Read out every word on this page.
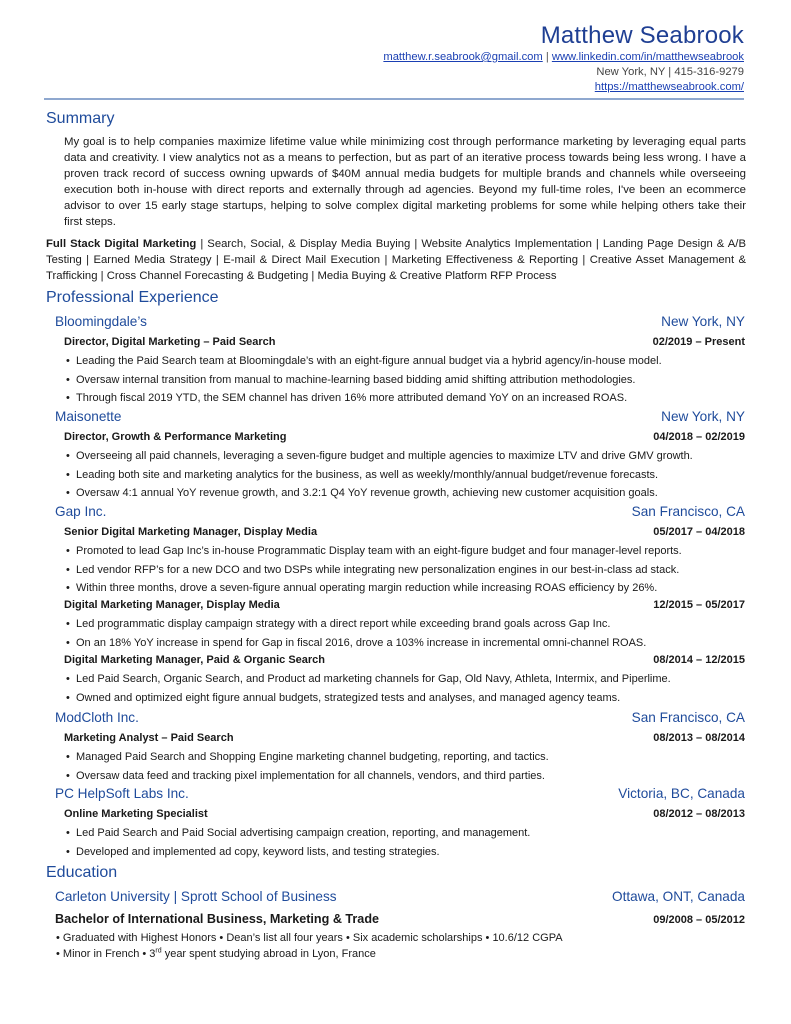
Matthew Seabrook
matthew.r.seabrook@gmail.com | www.linkedin.com/in/matthewseabrook
New York, NY | 415-316-9279
https://matthewseabrook.com/
Summary
My goal is to help companies maximize lifetime value while minimizing cost through performance marketing by leveraging equal parts data and creativity. I view analytics not as a means to perfection, but as part of an iterative process towards being less wrong. I have a proven track record of success owning upwards of $40M annual media budgets for multiple brands and channels while overseeing execution both in-house with direct reports and externally through ad agencies. Beyond my full-time roles, I've been an ecommerce advisor to over 15 early stage startups, helping to solve complex digital marketing problems for some while helping others take their first steps.
Full Stack Digital Marketing | Search, Social, & Display Media Buying | Website Analytics Implementation | Landing Page Design & A/B Testing | Earned Media Strategy | E-mail & Direct Mail Execution | Marketing Effectiveness & Reporting | Creative Asset Management & Trafficking | Cross Channel Forecasting & Budgeting | Media Buying & Creative Platform RFP Process
Professional Experience
Bloomingdale’s	New York, NY
Director, Digital Marketing – Paid Search	02/2019 – Present
• Leading the Paid Search team at Bloomingdale’s with an eight-figure annual budget via a hybrid agency/in-house model.
• Oversaw internal transition from manual to machine-learning based bidding amid shifting attribution methodologies.
• Through fiscal 2019 YTD, the SEM channel has driven 16% more attributed demand YoY on an increased ROAS.
Maisonette	New York, NY
Director, Growth & Performance Marketing	04/2018 – 02/2019
• Overseeing all paid channels, leveraging a seven-figure budget and multiple agencies to maximize LTV and drive GMV growth.
• Leading both site and marketing analytics for the business, as well as weekly/monthly/annual budget/revenue forecasts.
• Oversaw 4:1 annual YoY revenue growth, and 3.2:1 Q4 YoY revenue growth, achieving new customer acquisition goals.
Gap Inc.	San Francisco, CA
Senior Digital Marketing Manager, Display Media	05/2017 – 04/2018
• Promoted to lead Gap Inc’s in-house Programmatic Display team with an eight-figure budget and four manager-level reports.
• Led vendor RFP’s for a new DCO and two DSPs while integrating new personalization engines in our best-in-class ad stack.
• Within three months, drove a seven-figure annual operating margin reduction while increasing ROAS efficiency by 26%.
Digital Marketing Manager, Display Media	12/2015 – 05/2017
• Led programmatic display campaign strategy with a direct report while exceeding brand goals across Gap Inc.
• On an 18% YoY increase in spend for Gap in fiscal 2016, drove a 103% increase in incremental omni-channel ROAS.
Digital Marketing Manager, Paid & Organic Search	08/2014 – 12/2015
• Led Paid Search, Organic Search, and Product ad marketing channels for Gap, Old Navy, Athleta, Intermix, and Piperlime.
• Owned and optimized eight figure annual budgets, strategized tests and analyses, and managed agency teams.
ModCloth Inc.	San Francisco, CA
Marketing Analyst – Paid Search	08/2013 – 08/2014
• Managed Paid Search and Shopping Engine marketing channel budgeting, reporting, and tactics.
• Oversaw data feed and tracking pixel implementation for all channels, vendors, and third parties.
PC HelpSoft Labs Inc.	Victoria, BC, Canada
Online Marketing Specialist	08/2012 – 08/2013
• Led Paid Search and Paid Social advertising campaign creation, reporting, and management.
• Developed and implemented ad copy, keyword lists, and testing strategies.
Education
Carleton University | Sprott School of Business	Ottawa, ONT, Canada
Bachelor of International Business, Marketing & Trade	09/2008 – 05/2012
• Graduated with Highest Honors • Dean’s list all four years • Six academic scholarships • 10.6/12 CGPA
• Minor in French • 3rd year spent studying abroad in Lyon, France
